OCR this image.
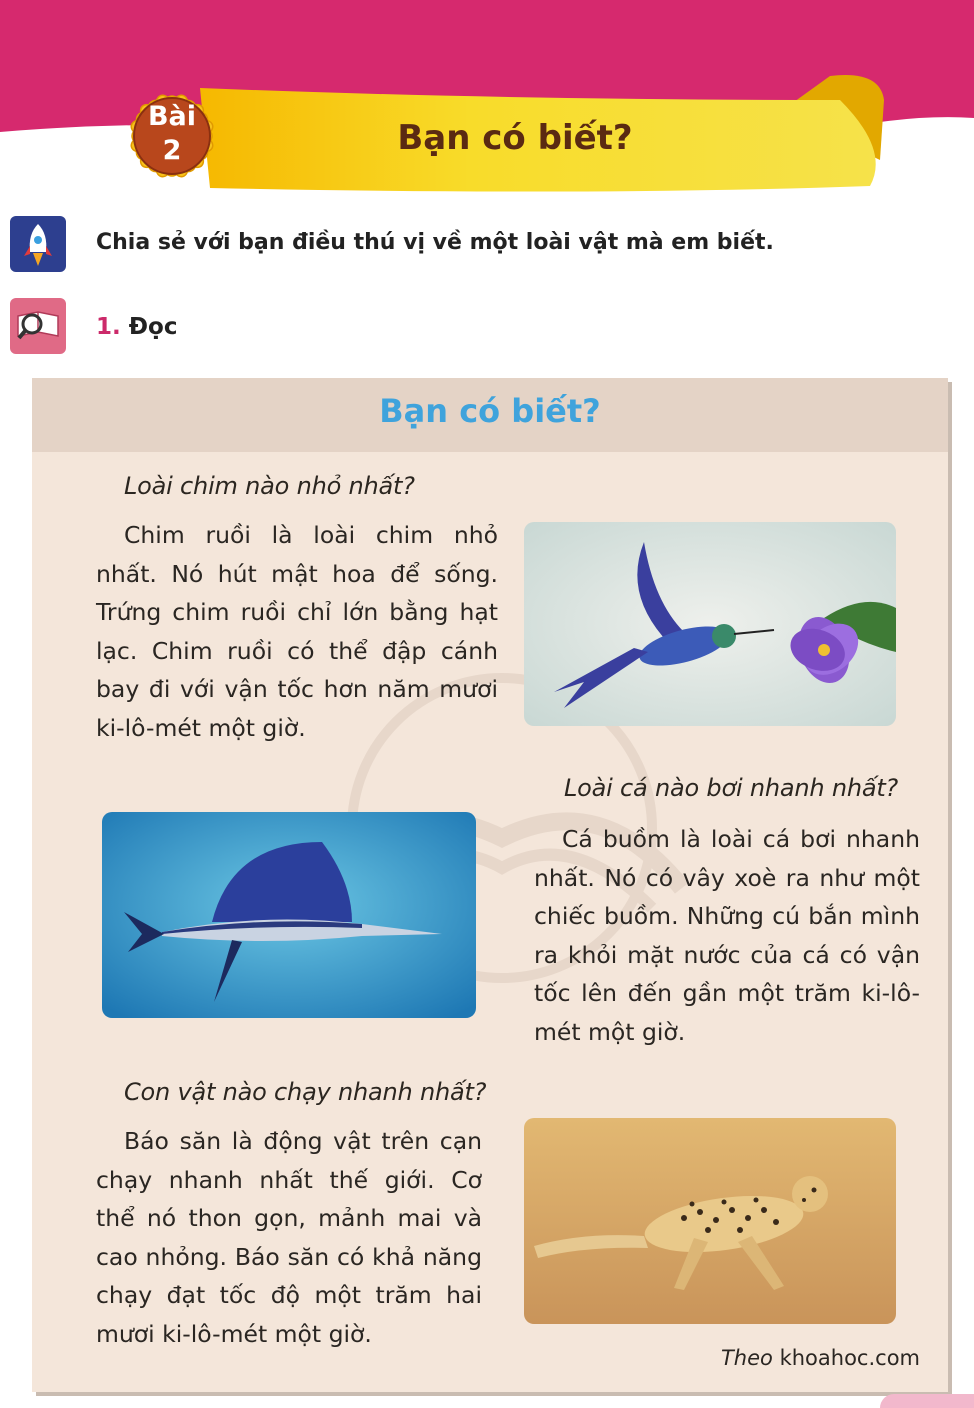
Bài
2	Bạn có biết?
Chia sẻ với bạn điều thú vị về một loài vật mà em biết.
1. Đọc
Bạn có biết?
Loài chim nào nhỏ nhất?
Chim ruồi là loài chim nhỏ nhất. Nó hút mật hoa để sống. Trứng chim ruồi chỉ lớn bằng hạt lạc. Chim ruồi có thể đập cánh bay đi với vận tốc hơn năm mươi ki-lô-mét một giờ.
Loài cá nào bơi nhanh nhất?
Cá buồm là loài cá bơi nhanh nhất. Nó có vây xoè ra như một chiếc buồm. Những cú bắn mình ra khỏi mặt nước của cá có vận tốc lên đến gần một trăm ki-lô-mét một giờ.
Con vật nào chạy nhanh nhất?
Báo săn là động vật trên cạn chạy nhanh nhất thế giới. Cơ thể nó thon gọn, mảnh mai và cao nhỏng. Báo săn có khả năng chạy đạt tốc độ một trăm hai mươi ki-lô-mét một giờ.
Theo khoahoc.com
